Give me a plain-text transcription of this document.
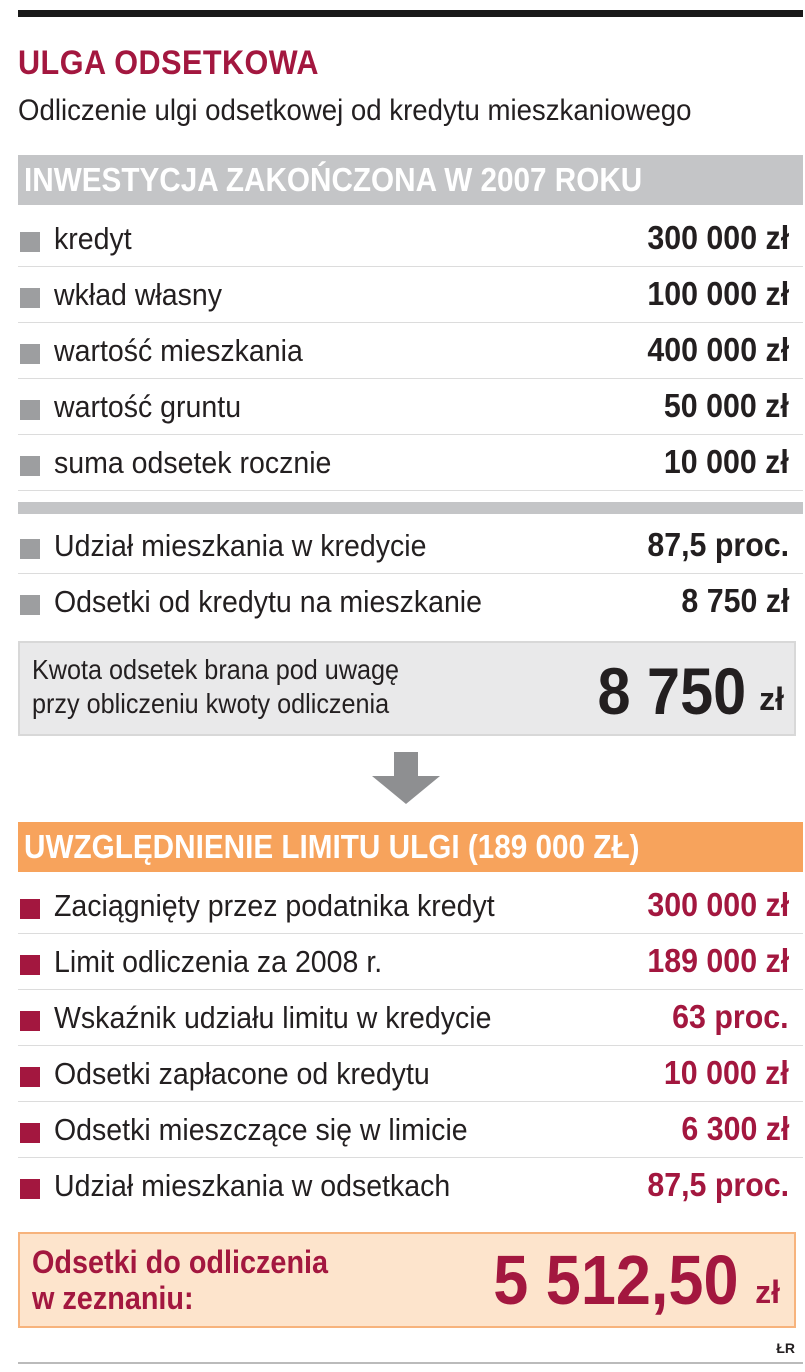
ULGA ODSETKOWA
Odliczenie ulgi odsetkowej od kredytu mieszkaniowego
INWESTYCJA ZAKOŃCZONA W 2007 ROKU
kredyt	300 000 zł
wkład własny	100 000 zł
wartość mieszkania	400 000 zł
wartość gruntu	50 000 zł
suma odsetek rocznie	10 000 zł
Udział mieszkania w kredycie	87,5 proc.
Odsetki od kredytu na mieszkanie	8 750 zł
Kwota odsetek brana pod uwagę
przy obliczeniu kwoty odliczenia	8 750 zł
UWZGLĘDNIENIE LIMITU ULGI (189 000 ZŁ)
Zaciągnięty przez podatnika kredyt	300 000 zł
Limit odliczenia za 2008 r.	189 000 zł
Wskaźnik udziału limitu w kredycie	63 proc.
Odsetki zapłacone od kredytu	10 000 zł
Odsetki mieszczące się w limicie	6 300 zł
Udział mieszkania w odsetkach	87,5 proc.
Odsetki do odliczenia
w zeznaniu:	5 512,50 zł
ŁR
